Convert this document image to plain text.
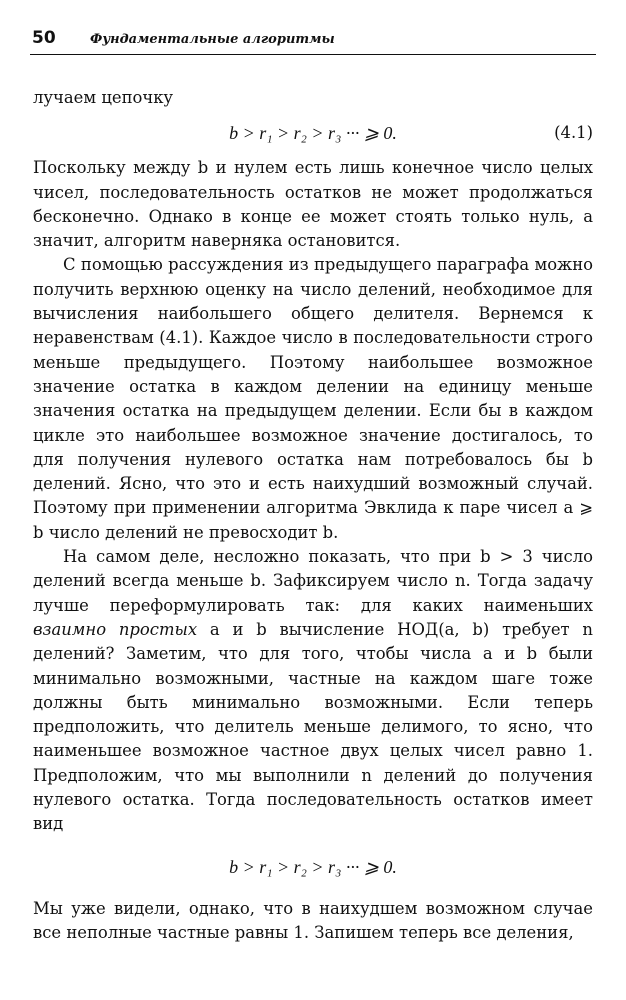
50	Фундаментальные алгоритмы

лучаем цепочку

b > r₁ > r₂ > r₃ ··· ⩾ 0.	(4.1)

Поскольку между b и нулем есть лишь конечное число целых чисел, последовательность остатков не может продолжаться бесконечно. Однако в конце ее может стоять только нуль, а значит, алгоритм наверняка остановится.

С помощью рассуждения из предыдущего параграфа можно получить верхнюю оценку на число делений, необходимое для вычисления наибольшего общего делителя. Вернемся к неравенствам (4.1). Каждое число в последовательности строго меньше предыдущего. Поэтому наибольшее возможное значение остатка в каждом делении на единицу меньше значения остатка на предыдущем делении. Если бы в каждом цикле это наибольшее возможное значение достигалось, то для получения нулевого остатка нам потребовалось бы b делений. Ясно, что это и есть наихудший возможный случай. Поэтому при применении алгоритма Эвклида к паре чисел a ⩾ b число делений не превосходит b.

На самом деле, несложно показать, что при b > 3 число делений всегда меньше b. Зафиксируем число n. Тогда задачу лучше переформулировать так: для каких наименьших взаимно простых a и b вычисление НОД(a, b) требует n делений? Заметим, что для того, чтобы числа a и b были минимально возможными, частные на каждом шаге тоже должны быть минимально возможными. Если теперь предположить, что делитель меньше делимого, то ясно, что наименьшее возможное частное двух целых чисел равно 1. Предположим, что мы выполнили n делений до получения нулевого остатка. Тогда последовательность остатков имеет вид

b > r₁ > r₂ > r₃ ··· ⩾ 0.

Мы уже видели, однако, что в наихудшем возможном случае все неполные частные равны 1. Запишем теперь все деления,
